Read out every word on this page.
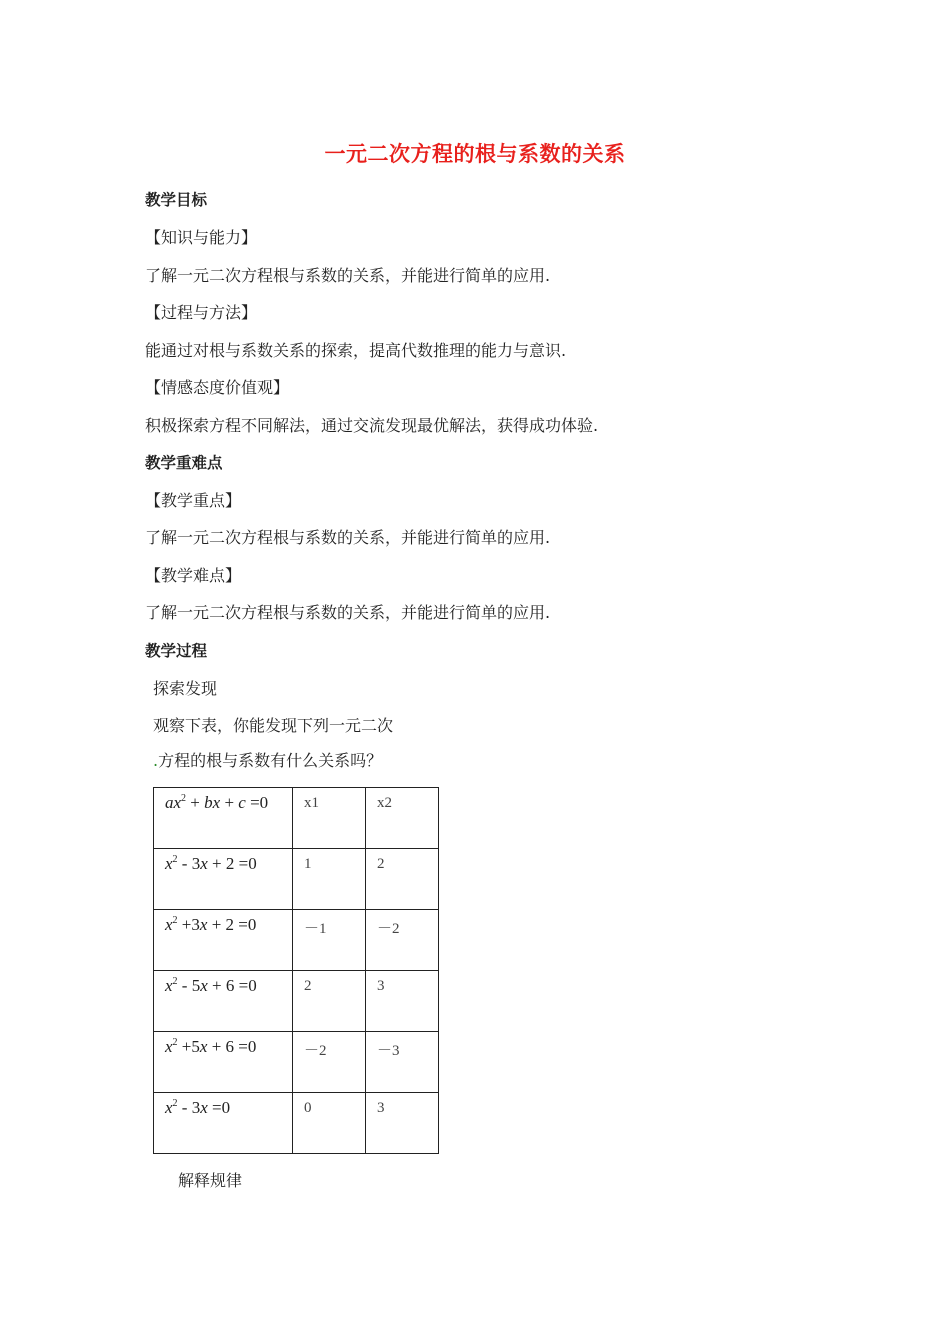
一元二次方程的根与系数的关系
教学目标
【知识与能力】
了解一元二次方程根与系数的关系，并能进行简单的应用.
【过程与方法】
能通过对根与系数关系的探索，提高代数推理的能力与意识.
【情感态度价值观】
积极探索方程不同解法，通过交流发现最优解法，获得成功体验.
教学重难点
【教学重点】
了解一元二次方程根与系数的关系，并能进行简单的应用.
【教学难点】
了解一元二次方程根与系数的关系，并能进行简单的应用.
教学过程
探索发现
观察下表，你能发现下列一元二次
.方程的根与系数有什么关系吗？
$ax^2$ + bx + c =0	x1	x2
$x^2 - 3x + 2 =0$	1	2
$x^2 +3x + 2 =0$	－1	－2
$x^2 - 5x + 6 =0$	2	3
$x^2 +5x + 6 =0$	－2	－3
$x^2 - 3x =0$	0	3
解释规律
